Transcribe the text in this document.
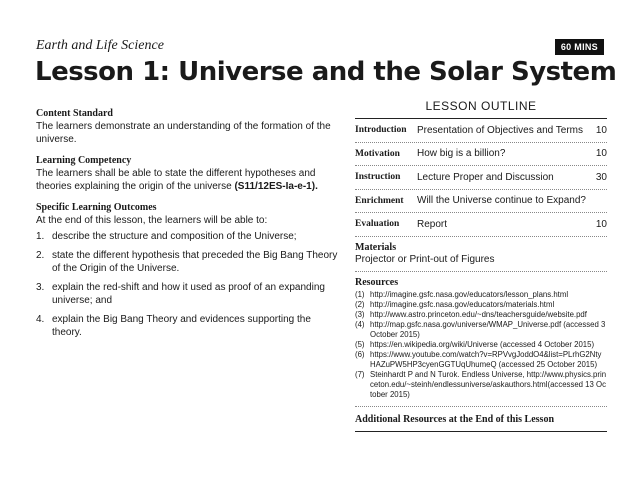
Earth and Life Science	60 MINS
Lesson 1: Universe and the Solar System
Content Standard
The learners demonstrate an understanding of the formation of the universe.
Learning Competency
The learners shall be able to state the different hypotheses and theories explaining the origin of the universe (S11/12ES-Ia-e-1).
Specific Learning Outcomes
At the end of this lesson, the learners will be able to:
1. describe the structure and composition of the Universe;
2. state the different hypothesis that preceded the Big Bang Theory of the Origin of the Universe.
3. explain the red-shift and how it used as proof of an expanding universe; and
4. explain the Big Bang Theory and evidences supporting the theory.
LESSON OUTLINE
Introduction	Presentation of Objectives and Terms	10
Motivation	How big is a billion?	10
Instruction	Lecture Proper and Discussion	30
Enrichment	Will the Universe continue to Expand?
Evaluation	Report	10
Materials
Projector or Print-out of Figures
Resources
(1) http://imagine.gsfc.nasa.gov/educators/lesson_plans.html
(2) http://imagine.gsfc.nasa.gov/educators/materials.html
(3) http://www.astro.princeton.edu/~dns/teachersguide/website.pdf
(4) http://map.gsfc.nasa.gov/universe/WMAP_Universe.pdf (accessed 3 October 2015)
(5) https://en.wikipedia.org/wiki/Universe (accessed 4 October 2015)
(6) https://www.youtube.com/watch?v=RPVvgJoddO4&list=PLrhG2NtyHAZuPW5HP3cyenGGTUqUhumeQ (accessed 25 October 2015)
(7) Steinhardt P and N Turok. Endless Universe, http://www.physics.princeton.edu/~steinh/endlessuniverse/askauthors.html(accessed 13 October 2015)
Additional Resources at the End of this Lesson
